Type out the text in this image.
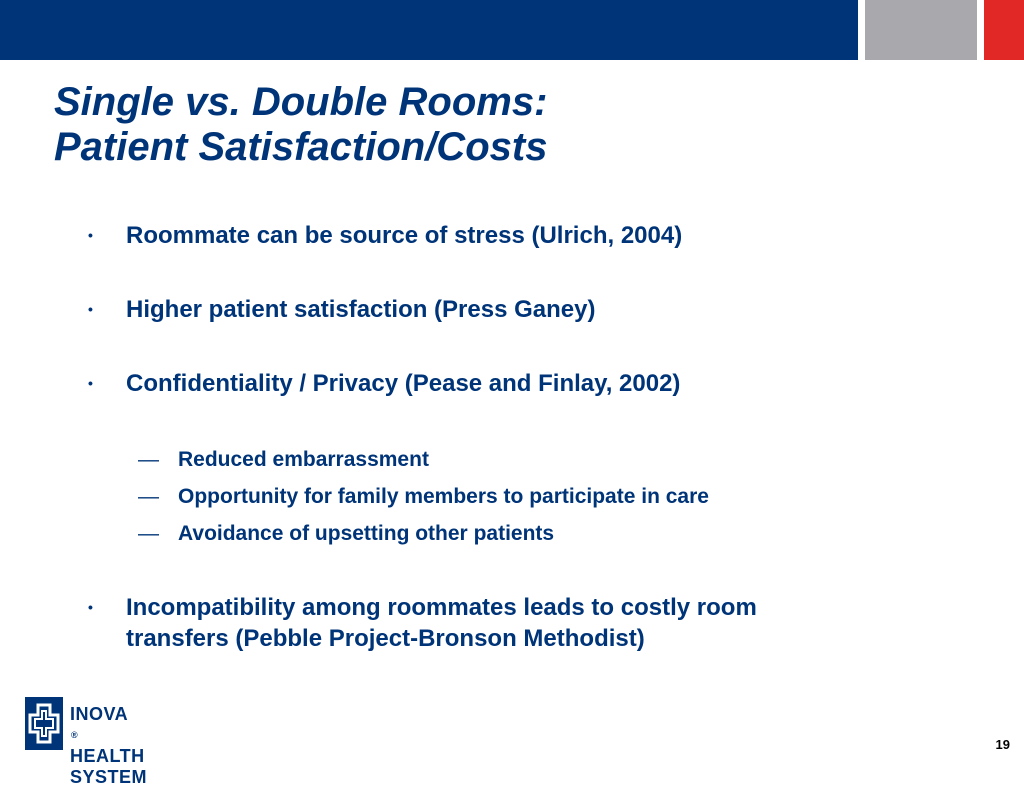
Single vs. Double Rooms:
Patient Satisfaction/Costs
• Roommate can be source of stress (Ulrich, 2004)
• Higher patient satisfaction (Press Ganey)
• Confidentiality / Privacy (Pease and Finlay, 2002)
— Reduced embarrassment
— Opportunity for family members to participate in care
— Avoidance of upsetting other patients
• Incompatibility among roommates leads to costly room
transfers (Pebble Project-Bronson Methodist)
INOVA
®
HEALTH
SYSTEM
19
